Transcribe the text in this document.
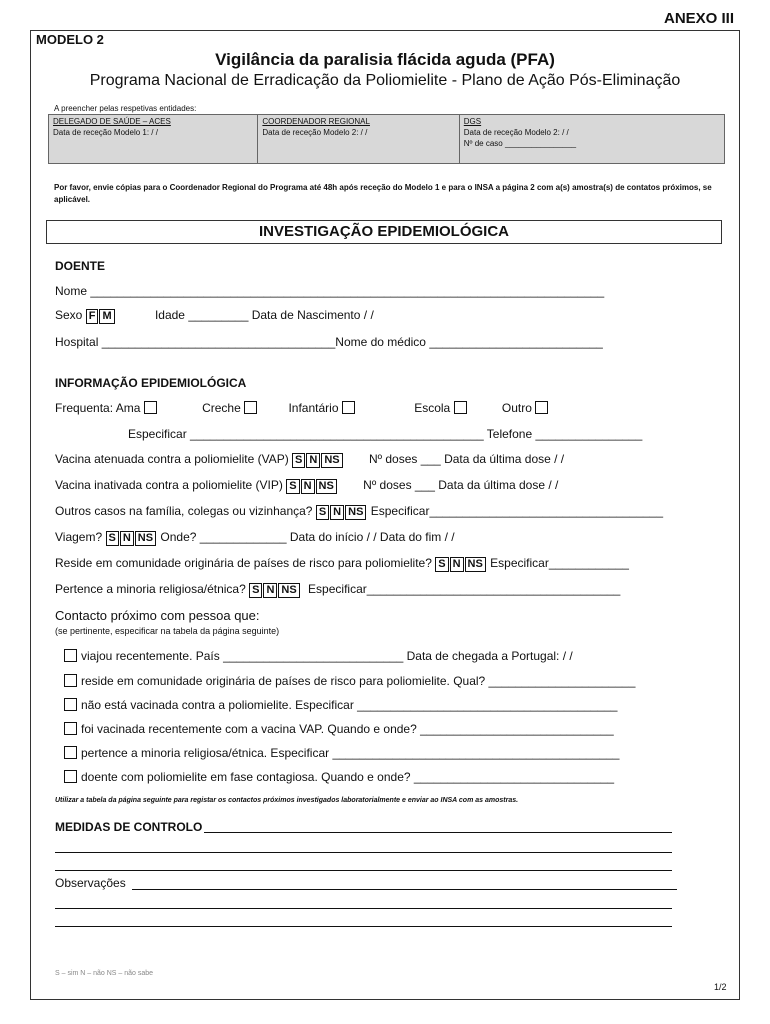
ANEXO III
MODELO 2
Vigilância da paralisia flácida aguda (PFA)
Programa Nacional de Erradicação da Poliomielite - Plano de Ação Pós-Eliminação
A preencher pelas respetivas entidades:
DELEGADO DE SAÚDE – ACES
Data de receção Modelo 1: / /
COORDENADOR REGIONAL
Data de receção Modelo 2: / /
DGS
Data de receção Modelo 2: / /
Nº de caso ________________
Por favor, envie cópias para o Coordenador Regional do Programa até 48h após receção do Modelo 1 e para o INSA a página 2 com a(s) amostra(s) de contatos próximos, se aplicável.
INVESTIGAÇÃO EPIDEMIOLÓGICA
DOENTE
Nome _____________________________________________________________________________
Sexo F M	Idade _________ Data de Nascimento / /
Hospital ___________________________________Nome do médico __________________________
INFORMAÇÃO EPIDEMIOLÓGICA
Frequenta: Ama	Creche	Infantário	Escola	Outro
Especificar ____________________________________________ Telefone ________________
Vacina atenuada contra a poliomielite (VAP) S N NS Nº doses ___ Data da última dose / /
Vacina inativada contra a poliomielite (VIP) S N NS Nº doses ___ Data da última dose / /
Outros casos na família, colegas ou vizinhança? S N NS Especificar___________________________________
Viagem? S N NS Onde? _____________ Data do início / / Data do fim / /
Reside em comunidade originária de países de risco para poliomielite? S N NS Especificar____________
Pertence a minoria religiosa/étnica? S N NS Especificar______________________________________
Contacto próximo com pessoa que:
(se pertinente, especificar na tabela da página seguinte)
viajou recentemente. País ___________________________ Data de chegada a Portugal: / /
reside em comunidade originária de países de risco para poliomielite. Qual? ______________________
não está vacinada contra a poliomielite. Especificar _______________________________________
foi vacinada recentemente com a vacina VAP. Quando e onde? _____________________________
pertence a minoria religiosa/étnica. Especificar ___________________________________________
doente com poliomielite em fase contagiosa. Quando e onde? ______________________________
Utilizar a tabela da página seguinte para registar os contactos próximos investigados laboratorialmente e enviar ao INSA com as amostras.
MEDIDAS DE CONTROLO
Observações
S – sim N – não NS – não sabe
1/2
